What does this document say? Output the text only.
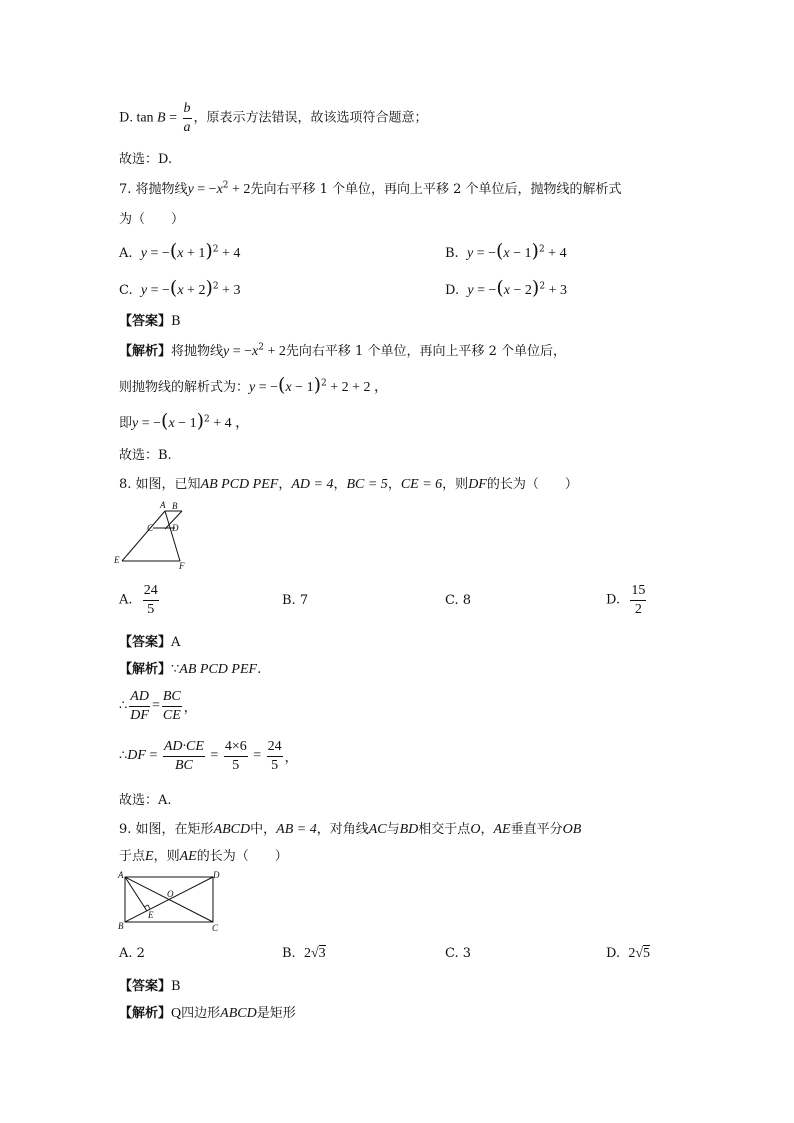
D. $\tan B = \frac{b}{a}$ ，原表示方法错误，故该选项符合题意；
故选：D.
7. 将抛物线$y = -x^2 + 2$先向右平移 1 个单位，再向上平移 2 个单位后，抛物线的解析式
为（　　）
A. $y = -(x + 1)^2 + 4$	B. $y = -(x - 1)^2 + 4$
C. $y = -(x + 2)^2 + 3$	D. $y = -(x - 2)^2 + 3$
【答案】B
【解析】将抛物线$y = -x^2 + 2$先向右平移 1 个单位，再向上平移 2 个单位后，
则抛物线的解析式为：$y = -(x - 1)^2 + 2 + 2$ ，
即$y = -(x - 1)^2 + 4$ ，
故选：B.
8. 如图，已知AB PCD PEF，AD = 4，BC = 5，CE = 6，则DF的长为（　　）
A B
C D
E
F
A. $\frac{24}{5}$	B. 7	C. 8	D. $\frac{15}{2}$
【答案】A
【解析】∵AB PCD PEF.
∴ $\frac{AD}{DF} = \frac{BC}{CE}$ ，
∴DF = $\frac{AD\cdot CE}{BC} = \frac{4\times 6}{5} = \frac{24}{5}$ ，
故选：A.
9. 如图，在矩形ABCD中，AB = 4，对角线AC与BD相交于点O，AE垂直平分OB
于点E，则AE的长为（　　）
A
B	C
D
O
E
A. 2	B. 2√3	C. 3	D. 2√5
【答案】B
【解析】Q四边形ABCD是矩形
